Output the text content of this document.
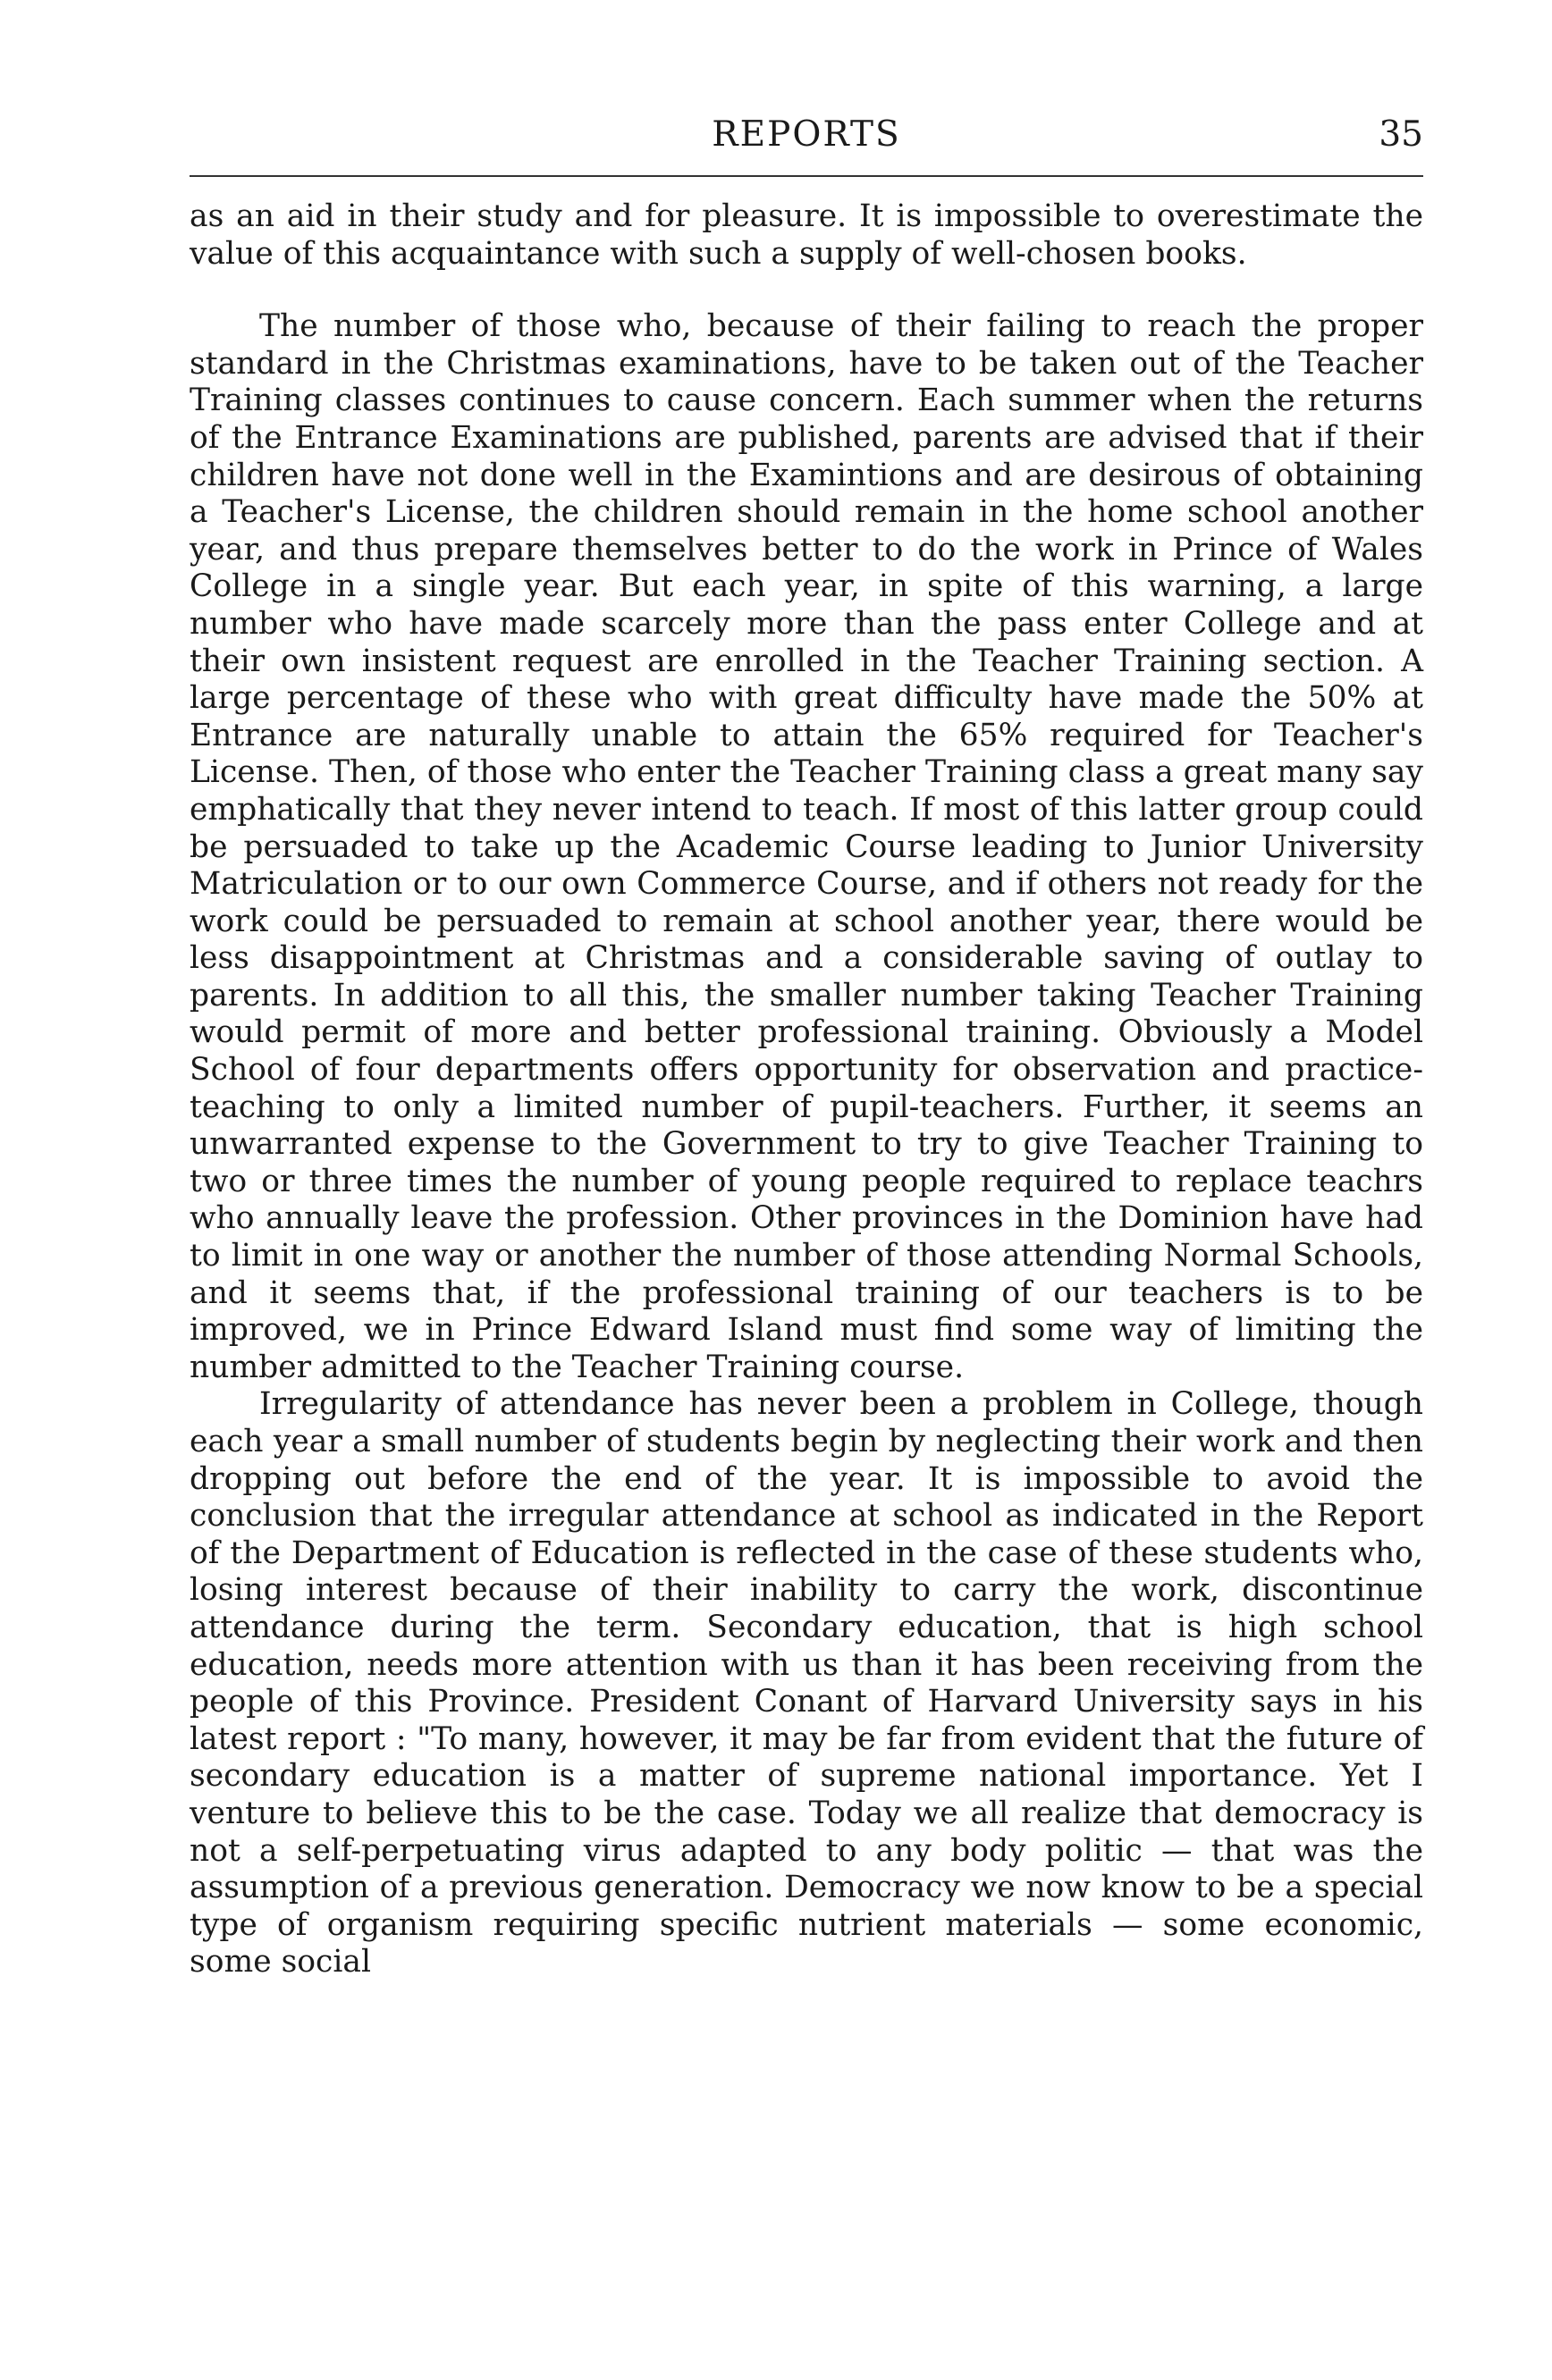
REPORTS	35

as an aid in their study and for pleasure. It is impossible to overestimate the value of this acquaintance with such a supply of well-chosen books.

The number of those who, because of their failing to reach the proper standard in the Christmas examinations, have to be taken out of the Teacher Training classes continues to cause concern. Each summer when the returns of the Entrance Examinations are published, parents are advised that if their children have not done well in the Examintions and are desirous of obtaining a Teacher's License, the children should remain in the home school another year, and thus prepare themselves better to do the work in Prince of Wales College in a single year. But each year, in spite of this warning, a large number who have made scarcely more than the pass enter College and at their own insistent request are enrolled in the Teacher Training section. A large percentage of these who with great difficulty have made the 50% at Entrance are naturally unable to attain the 65% required for Teacher's License. Then, of those who enter the Teacher Training class a great many say emphatically that they never intend to teach. If most of this latter group could be persuaded to take up the Academic Course leading to Junior University Matriculation or to our own Commerce Course, and if others not ready for the work could be persuaded to remain at school another year, there would be less disappointment at Christmas and a considerable saving of outlay to parents. In addition to all this, the smaller number taking Teacher Training would permit of more and better professional training. Obviously a Model School of four departments offers opportunity for observation and practice-teaching to only a limited number of pupil-teachers. Further, it seems an unwarranted expense to the Government to try to give Teacher Training to two or three times the number of young people required to replace teachrs who annually leave the profession. Other provinces in the Dominion have had to limit in one way or another the number of those attending Normal Schools, and it seems that, if the professional training of our teachers is to be improved, we in Prince Edward Island must find some way of limiting the number admitted to the Teacher Training course.

Irregularity of attendance has never been a problem in College, though each year a small number of students begin by neglecting their work and then dropping out before the end of the year. It is impossible to avoid the conclusion that the irregular attendance at school as indicated in the Report of the Department of Education is reflected in the case of these students who, losing interest because of their inability to carry the work, discontinue attendance during the term. Secondary education, that is high school education, needs more attention with us than it has been receiving from the people of this Province. President Conant of Harvard University says in his latest report : "To many, however, it may be far from evident that the future of secondary education is a matter of supreme national importance. Yet I venture to believe this to be the case. Today we all realize that democracy is not a self-perpetuating virus adapted to any body politic — that was the assumption of a previous generation. Democracy we now know to be a special type of organism requiring specific nutrient materials — some economic, some social
